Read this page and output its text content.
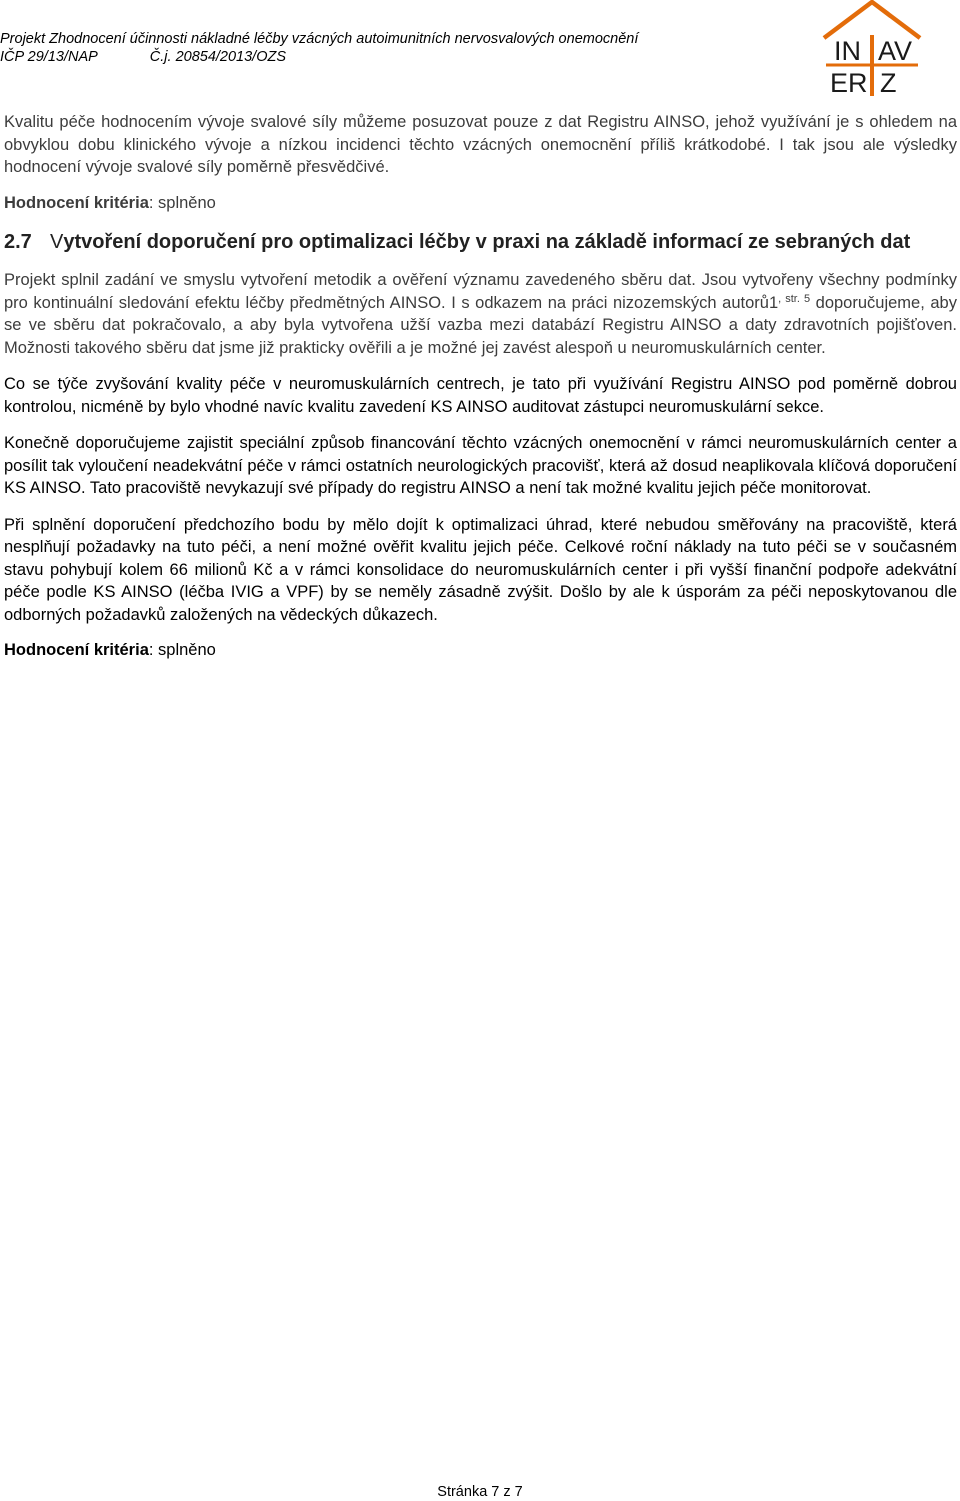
Projekt Zhodnocení účinnosti nákladné léčby vzácných autoimunitních nervosvalových onemocnění
IČP 29/13/NAP	Č.j. 20854/2013/OZS	IN AV
ER Z

Kvalitu péče hodnocením vývoje svalové síly můžeme posuzovat pouze z dat Registru AINSO, jehož využívání je s ohledem na obvyklou dobu klinického vývoje a nízkou incidenci těchto vzácných onemocnění příliš krátkodobé. I tak jsou ale výsledky hodnocení vývoje svalové síly poměrně přesvědčivé.

Hodnocení kritéria: splněno

2.7 Vytvoření doporučení pro optimalizaci léčby v praxi na základě informací ze sebraných dat

Projekt splnil zadání ve smyslu vytvoření metodik a ověření významu zavedeného sběru dat. Jsou vytvořeny všechny podmínky pro kontinuální sledování efektu léčby předmětných AINSO. I s odkazem na práci nizozemských $autorů1^{, str. 5}$ doporučujeme, aby se ve sběru dat pokračovalo, a aby byla vytvořena užší vazba mezi databází Registru AINSO a daty zdravotních pojišťoven. Možnosti takového sběru dat jsme již prakticky ověřili a je možné jej zavést alespoň u neuromuskulárních center.

Co se týče zvyšování kvality péče v neuromuskulárních centrech, je tato při využívání Registru AINSO pod poměrně dobrou kontrolou, nicméně by bylo vhodné navíc kvalitu zavedení KS AINSO auditovat zástupci neuromuskulární sekce.

Konečně doporučujeme zajistit speciální způsob financování těchto vzácných onemocnění v rámci neuromuskulárních center a posílit tak vyloučení neadekvátní péče v rámci ostatních neurologických pracovišť, která až dosud neaplikovala klíčová doporučení KS AINSO. Tato pracoviště nevykazují své případy do registru AINSO a není tak možné kvalitu jejich péče monitorovat.

Při splnění doporučení předchozího bodu by mělo dojít k optimalizaci úhrad, které nebudou směřovány na pracoviště, která nesplňují požadavky na tuto péči, a není možné ověřit kvalitu jejich péče. Celkové roční náklady na tuto péči se v současném stavu pohybují kolem 66 milionů Kč a v rámci konsolidace do neuromuskulárních center i při vyšší finanční podpoře adekvátní péče podle KS AINSO (léčba IVIG a VPF) by se neměly zásadně zvýšit. Došlo by ale k úsporám za péči neposkytovanou dle odborných požadavků založených na vědeckých důkazech.

Hodnocení kritéria: splněno

Stránka 7 z 7
